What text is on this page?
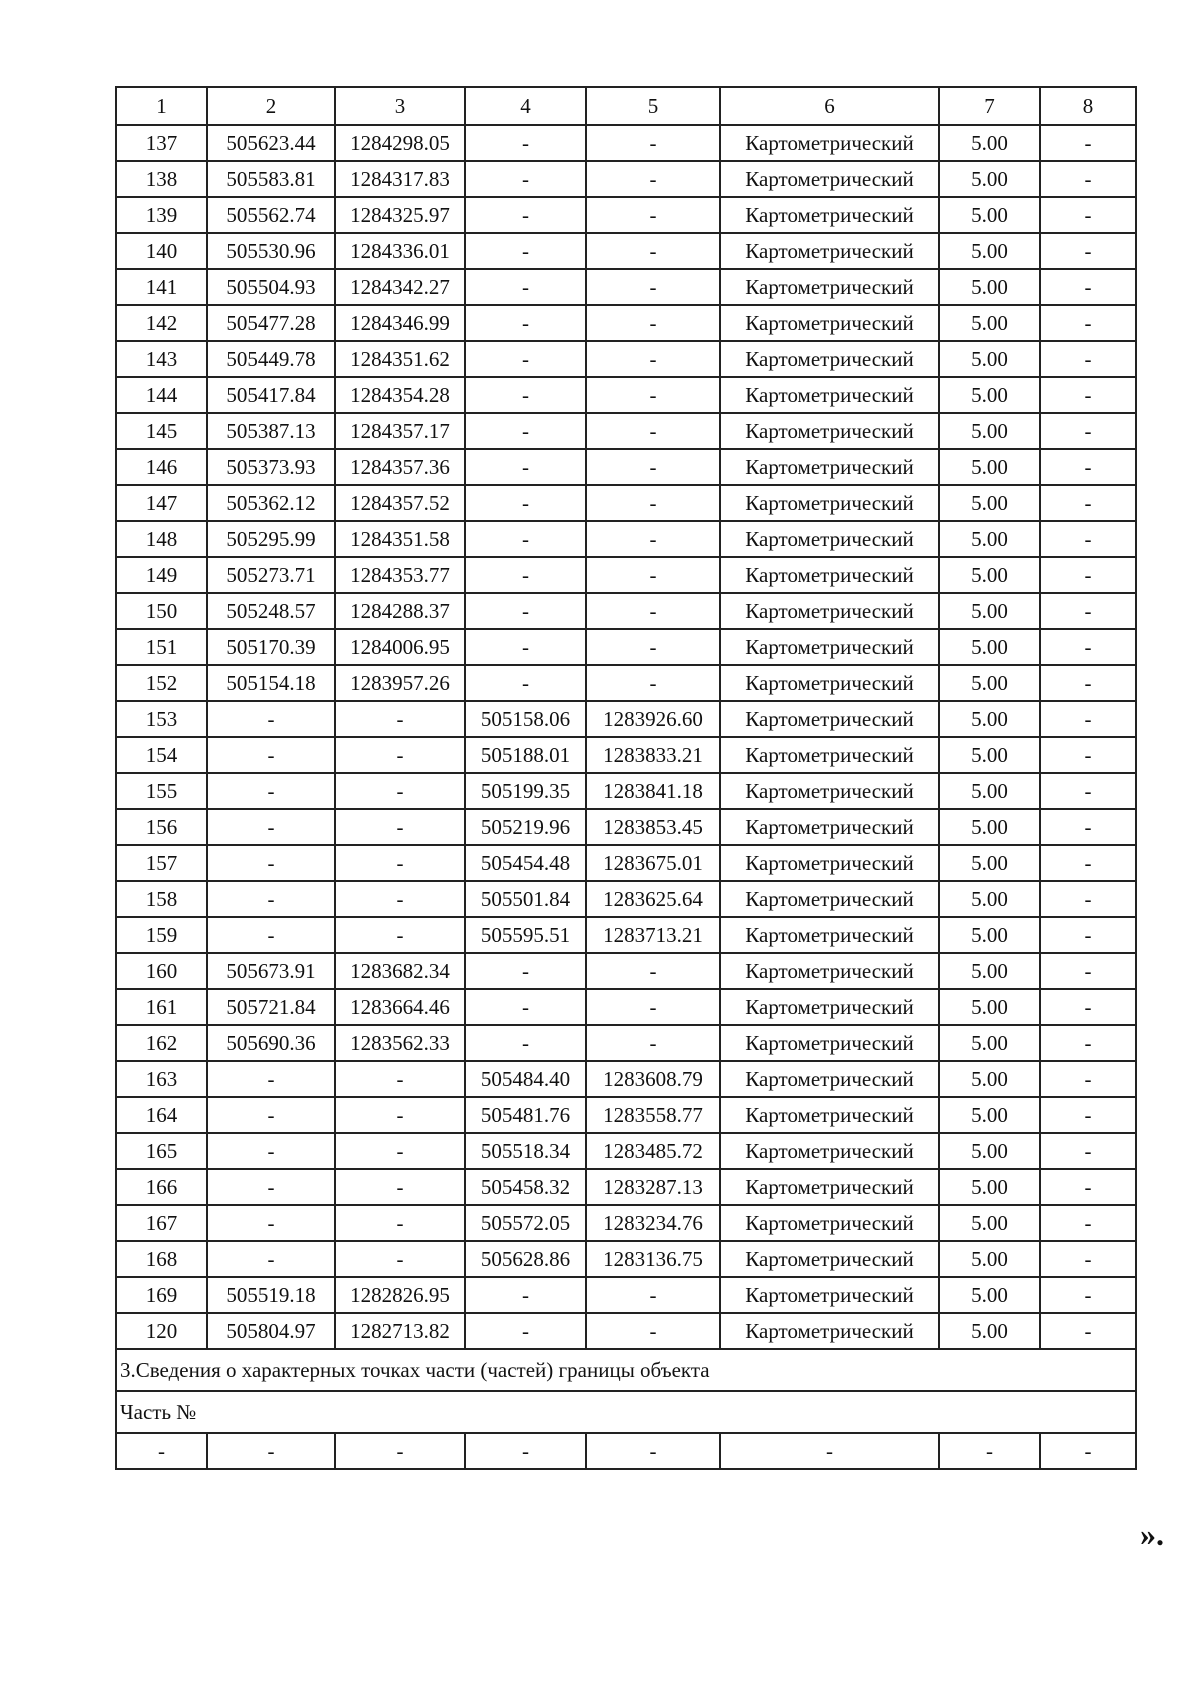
1	2	3	4	5	6	7	8
137	505623.44	1284298.05	-	-	Картометрический	5.00	-
138	505583.81	1284317.83	-	-	Картометрический	5.00	-
139	505562.74	1284325.97	-	-	Картометрический	5.00	-
140	505530.96	1284336.01	-	-	Картометрический	5.00	-
141	505504.93	1284342.27	-	-	Картометрический	5.00	-
142	505477.28	1284346.99	-	-	Картометрический	5.00	-
143	505449.78	1284351.62	-	-	Картометрический	5.00	-
144	505417.84	1284354.28	-	-	Картометрический	5.00	-
145	505387.13	1284357.17	-	-	Картометрический	5.00	-
146	505373.93	1284357.36	-	-	Картометрический	5.00	-
147	505362.12	1284357.52	-	-	Картометрический	5.00	-
148	505295.99	1284351.58	-	-	Картометрический	5.00	-
149	505273.71	1284353.77	-	-	Картометрический	5.00	-
150	505248.57	1284288.37	-	-	Картометрический	5.00	-
151	505170.39	1284006.95	-	-	Картометрический	5.00	-
152	505154.18	1283957.26	-	-	Картометрический	5.00	-
153	-	-	505158.06	1283926.60	Картометрический	5.00	-
154	-	-	505188.01	1283833.21	Картометрический	5.00	-
155	-	-	505199.35	1283841.18	Картометрический	5.00	-
156	-	-	505219.96	1283853.45	Картометрический	5.00	-
157	-	-	505454.48	1283675.01	Картометрический	5.00	-
158	-	-	505501.84	1283625.64	Картометрический	5.00	-
159	-	-	505595.51	1283713.21	Картометрический	5.00	-
160	505673.91	1283682.34	-	-	Картометрический	5.00	-
161	505721.84	1283664.46	-	-	Картометрический	5.00	-
162	505690.36	1283562.33	-	-	Картометрический	5.00	-
163	-	-	505484.40	1283608.79	Картометрический	5.00	-
164	-	-	505481.76	1283558.77	Картометрический	5.00	-
165	-	-	505518.34	1283485.72	Картометрический	5.00	-
166	-	-	505458.32	1283287.13	Картометрический	5.00	-
167	-	-	505572.05	1283234.76	Картометрический	5.00	-
168	-	-	505628.86	1283136.75	Картометрический	5.00	-
169	505519.18	1282826.95	-	-	Картометрический	5.00	-
120	505804.97	1282713.82	-	-	Картометрический	5.00	-
3.Сведения о характерных точках части (частей) границы объекта							
Часть №							
-	-	-	-	-	-	-	-
».
